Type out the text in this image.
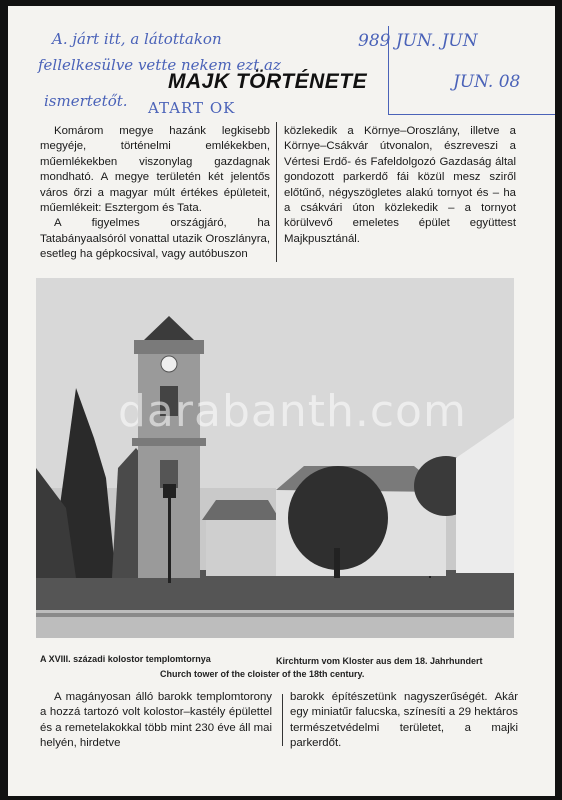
A. járt itt, a látottakon
fellelkesülve vette nekem ezt az
ismertetőt. ATART OK
989 JUN. JUN
JUN. 08
MAJK TÖRTÉNETE

Komárom megye hazánk legkisebb megyéje, történelmi emlékekben, műemlékekben viszonylag gazdagnak mondható. A megye területén két jelentős város őrzi a magyar múlt értékes épületeit, műemlékeit: Esztergom és Tata.

A figyelmes országjáró, ha Tatabányaalsóról vonattal utazik Oroszlányra, esetleg ha gépkocsival, vagy autóbuszon

közlekedik a Környe–Oroszlány, illetve a Környe–Csákvár útvonalon, észreveszi a Vértesi Erdő- és Fafeldolgozó Gazdaság által gondozott parkerdő fái közül mesz sziről előtűnő, négyszögletes alakú tornyot és – ha a csákvári úton közlekedik – a tornyot körülvevő emeletes épület együttest Majkpusztánál.

darabanth.com
A XVIII. századi kolostor templomtornya	Kirchturm vom Kloster aus dem 18. Jahrhundert
Church tower of the cloister of the 18th century.

A magányosan álló barokk templomtorony a hozzá tartozó volt kolostor–kastély épülettel és a remetelakokkal több mint 230 éve áll mai helyén, hirdetve

barokk építészetünk nagyszerűségét. Akár egy miniatűr falucska, színesíti a 29 hektáros természetvédelmi területet, a majki parkerdőt.
